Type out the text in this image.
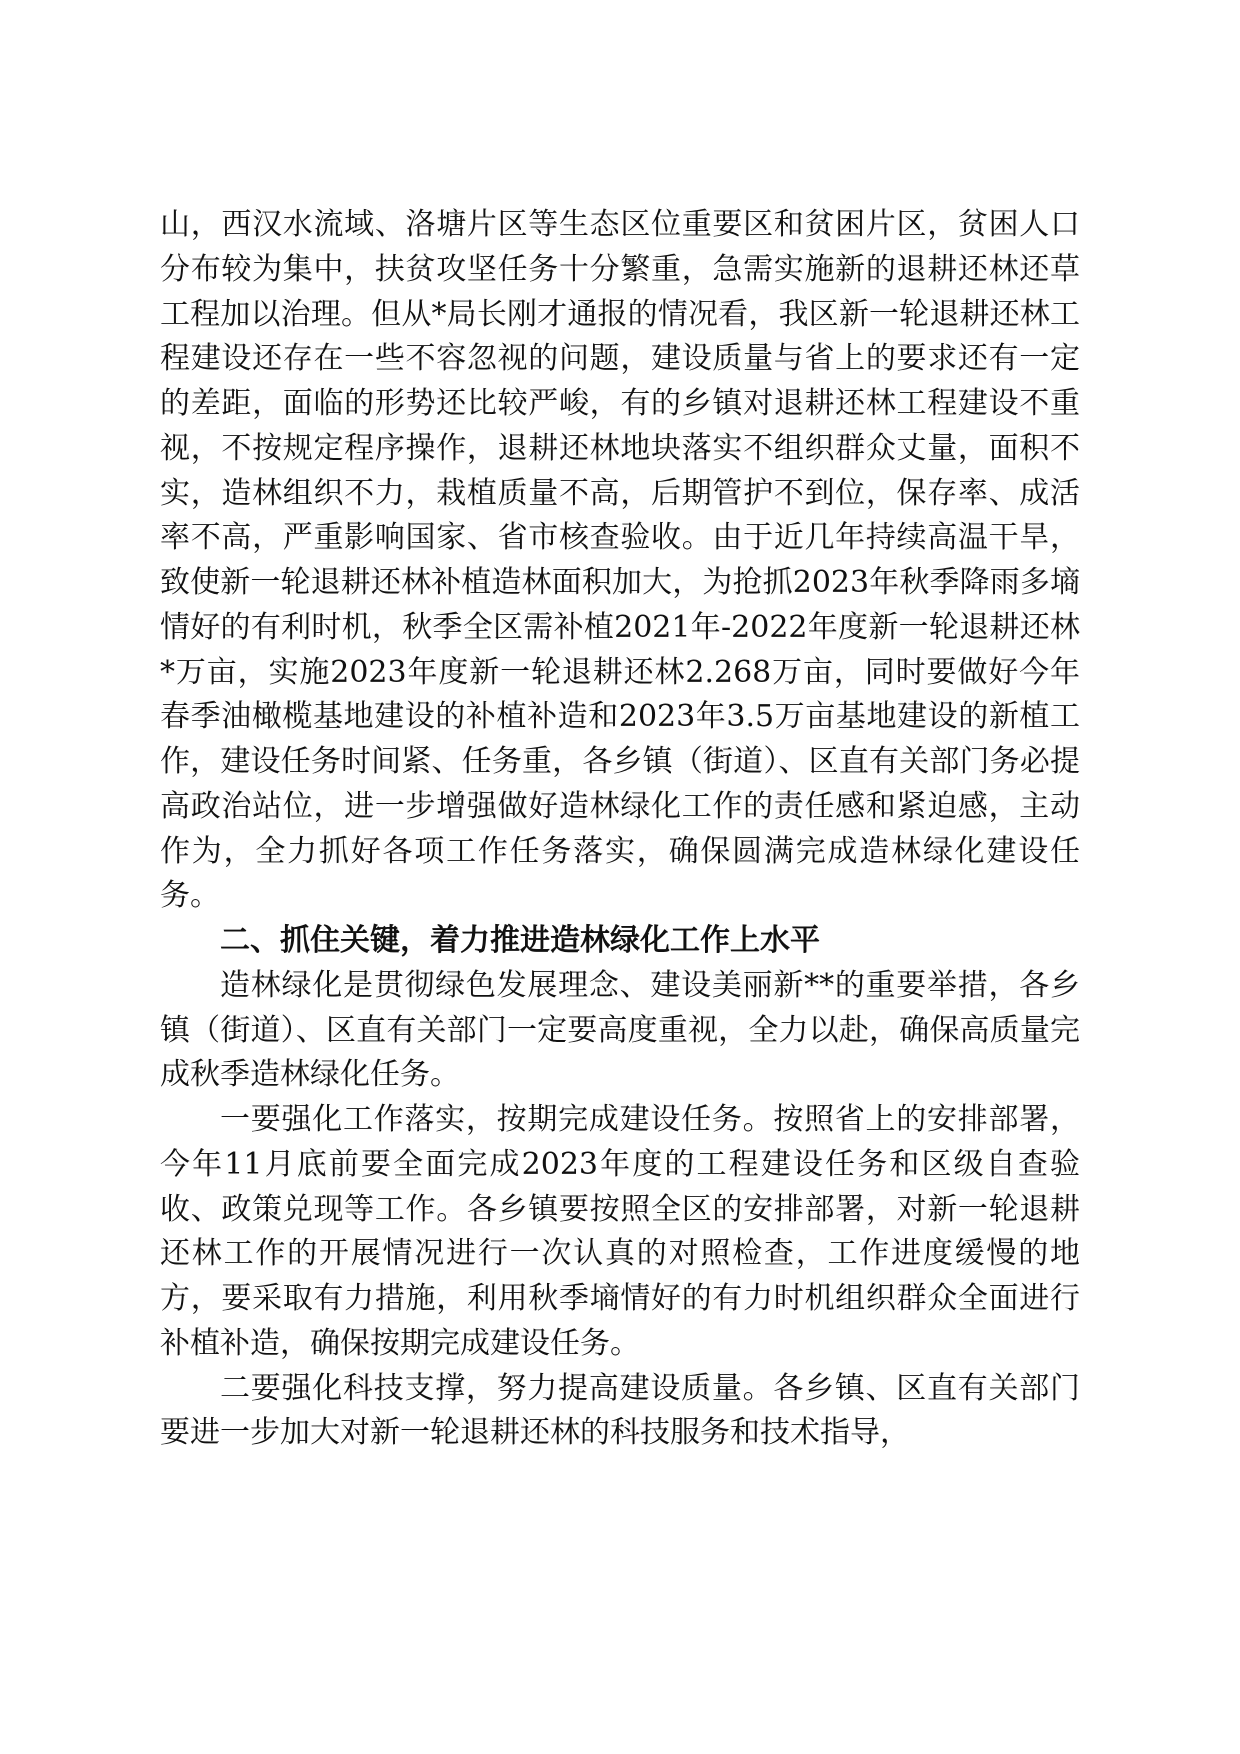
山，西汉水流域、洛塘片区等生态区位重要区和贫困片区，贫困人口分布较为集中，扶贫攻坚任务十分繁重，急需实施新的退耕还林还草工程加以治理。但从*局长刚才通报的情况看，我区新一轮退耕还林工程建设还存在一些不容忽视的问题，建设质量与省上的要求还有一定的差距，面临的形势还比较严峻，有的乡镇对退耕还林工程建设不重视，不按规定程序操作，退耕还林地块落实不组织群众丈量，面积不实，造林组织不力，栽植质量不高，后期管护不到位，保存率、成活率不高，严重影响国家、省市核查验收。由于近几年持续高温干旱，致使新一轮退耕还林补植造林面积加大，为抢抓2023年秋季降雨多墒情好的有利时机，秋季全区需补植2021年-2022年度新一轮退耕还林*万亩，实施2023年度新一轮退耕还林2.268万亩，同时要做好今年春季油橄榄基地建设的补植补造和2023年3.5万亩基地建设的新植工作，建设任务时间紧、任务重，各乡镇（街道）、区直有关部门务必提高政治站位，进一步增强做好造林绿化工作的责任感和紧迫感，主动作为，全力抓好各项工作任务落实，确保圆满完成造林绿化建设任务。

二、抓住关键，着力推进造林绿化工作上水平

造林绿化是贯彻绿色发展理念、建设美丽新**的重要举措，各乡镇（街道）、区直有关部门一定要高度重视，全力以赴，确保高质量完成秋季造林绿化任务。

一要强化工作落实，按期完成建设任务。按照省上的安排部署，今年11月底前要全面完成2023年度的工程建设任务和区级自查验收、政策兑现等工作。各乡镇要按照全区的安排部署，对新一轮退耕还林工作的开展情况进行一次认真的对照检查，工作进度缓慢的地方，要采取有力措施，利用秋季墒情好的有力时机组织群众全面进行补植补造，确保按期完成建设任务。

二要强化科技支撑，努力提高建设质量。各乡镇、区直有关部门要进一步加大对新一轮退耕还林的科技服务和技术指导，
